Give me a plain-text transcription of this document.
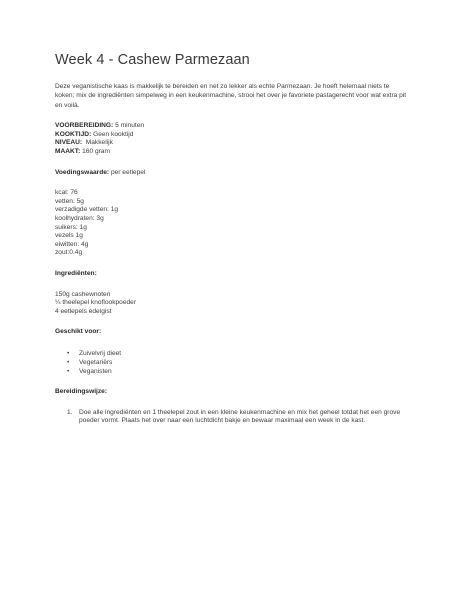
Week 4 - Cashew Parmezaan

Deze veganistische kaas is makkelijk te bereiden en net zo lekker als echte Parmezaan. Je hoeft helemaal niets te koken; mix de ingrediënten simpelweg in een keukenmachine, strooi het over je favoriete pastagerecht voor wat extra pit en voilà.

VOORBEREIDING: 5 minuten
KOOKTIJD: Geen kooktijd
NIVEAU:  Makkelijk
MAAKT: 160 gram
Voedingswaarde: per eetlepel
kcal: 76
vetten: 5g
verzadigde vetten: 1g
koolhydraten: 3g
suikers: 1g
vezels 1g
eiwitten: 4g
zout:0.4g
Ingrediënten:
150g cashewnoten
¼ theelepel knoflookpoeder
4 eetlepels edelgist
Geschikt voor:
• Zuivelvrij dieet
• Vegetariërs
• Veganisten
Bereidingswijze:
1. Doe alle ingrediënten en 1 theelepel zout in een kleine keukenmachine en mix het geheel totdat het een grove poeder vormt. Plaats het over naar een luchtdicht bakje en bewaar maximaal een week in de kast.
